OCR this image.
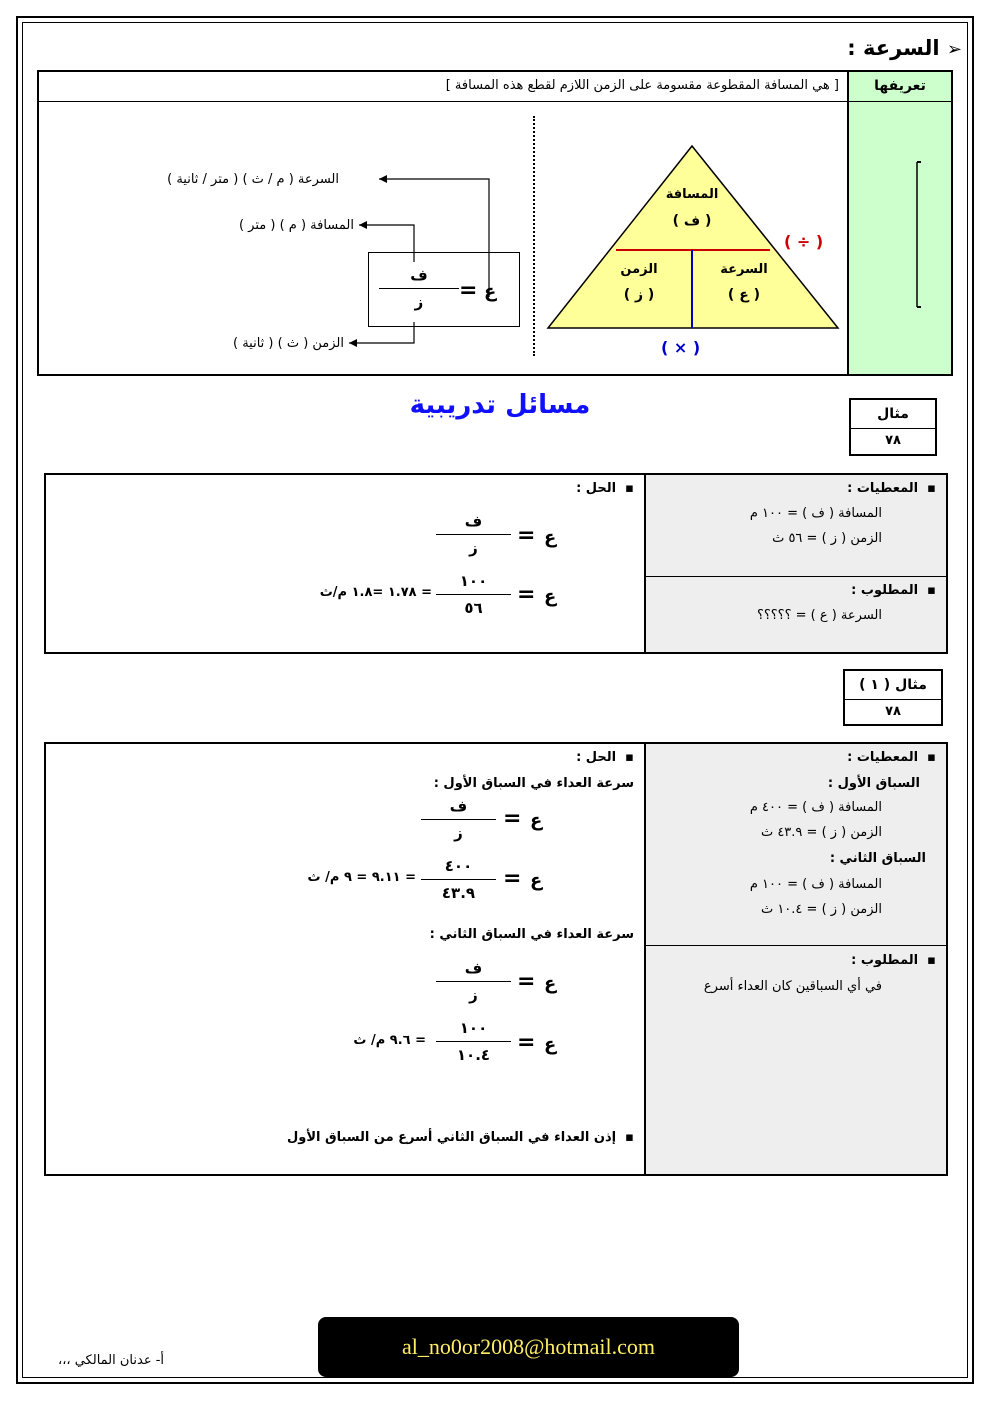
➢ السرعة :
تعريفها
[ هي المسافة المقطوعة مقسومة على الزمن اللازم لقطع هذه المسافة ]
المسافة
( ف )
الزمن
( ز )
السرعة
( ع )
( ÷ )
( × )
ف
ز	= ع
السرعة ( م / ث ) ( متر / ثانية )
المسافة ( م ) ( متر )
الزمن ( ث ) ( ثانية )
مسائل تدريبية	مثال
٧٨
▪  المعطيات :
المسافة ( ف ) = ١٠٠ م
الزمن ( ز ) = ٥٦ ث
▪  المطلوب :
السرعة ( ع ) = ؟؟؟؟؟
▪  الحل :
ف
ز	= ع
١٠٠
٥٦
= ع
= ١.٧٨ =١.٨ م/ث
مثال ( ١ )
٧٨
▪  المعطيات :
السباق الأول :
المسافة ( ف ) = ٤٠٠ م
الزمن ( ز ) = ٤٣.٩ ث
السباق الثاني :
المسافة ( ف ) = ١٠٠ م
الزمن ( ز ) = ١٠.٤ ث
▪  المطلوب :
في أي السباقين كان العداء أسرع
▪  الحل :
سرعة العداء في السباق الأول :
ف
ز
= ع
٤٠٠
٤٣.٩
= ع
= ٩.١١ = ٩ م/ ث
سرعة العداء في السباق الثاني :
ف
ز
= ع
١٠٠
١٠.٤	= ع
= ٩.٦ م/ ث
▪  إذن العداء في السباق الثاني أسرع من السباق الأول
al_no0or2008@hotmail.com
أ- عدنان المالكي ،،،
